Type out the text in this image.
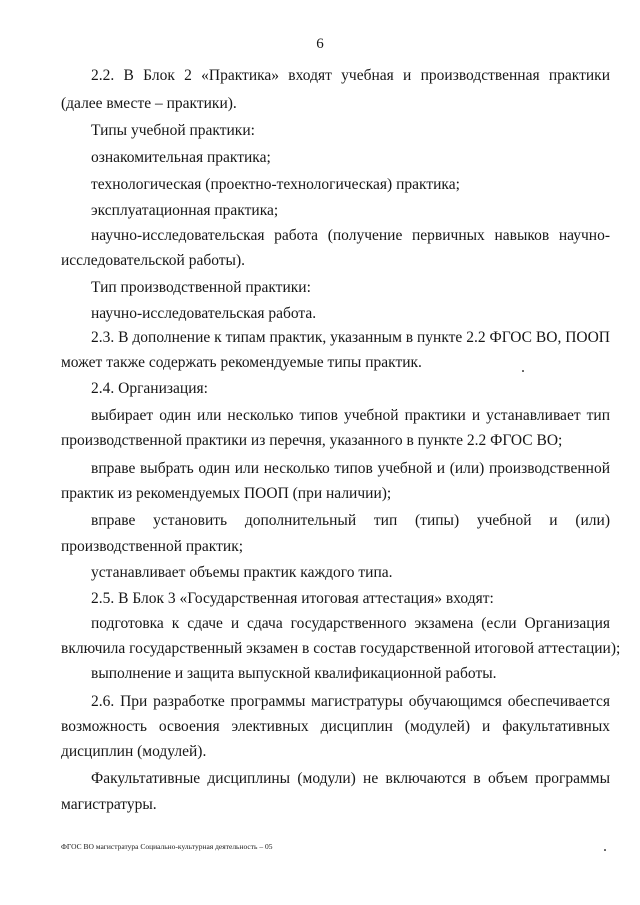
6
2.2. В Блок 2 «Практика» входят учебная и производственная практики
(далее вместе – практики).
Типы учебной практики:
ознакомительная практика;
технологическая (проектно-технологическая) практика;
эксплуатационная практика;
научно-исследовательская работа (получение первичных навыков научно-
исследовательской работы).
Тип производственной практики:
научно-исследовательская работа.
2.3. В дополнение к типам практик, указанным в пункте 2.2 ФГОС ВО, ПООП
может также содержать рекомендуемые типы практик.
2.4. Организация:
выбирает один или несколько типов учебной практики и устанавливает тип
производственной практики из перечня, указанного в пункте 2.2 ФГОС ВО;
вправе выбрать один или несколько типов учебной и (или) производственной
практик из рекомендуемых ПООП (при наличии);
вправе установить дополнительный тип (типы) учебной и (или)
производственной практик;
устанавливает объемы практик каждого типа.
2.5. В Блок 3 «Государственная итоговая аттестация» входят:
подготовка к сдаче и сдача государственного экзамена (если Организация
включила государственный экзамен в состав государственной итоговой аттестации);
выполнение и защита выпускной квалификационной работы.
2.6. При разработке программы магистратуры обучающимся обеспечивается
возможность освоения элективных дисциплин (модулей) и факультативных
дисциплин (модулей).
Факультативные дисциплины (модули) не включаются в объем программы
магистратуры.
ФГОС ВО магистратура Социально-культурная деятельность – 05
